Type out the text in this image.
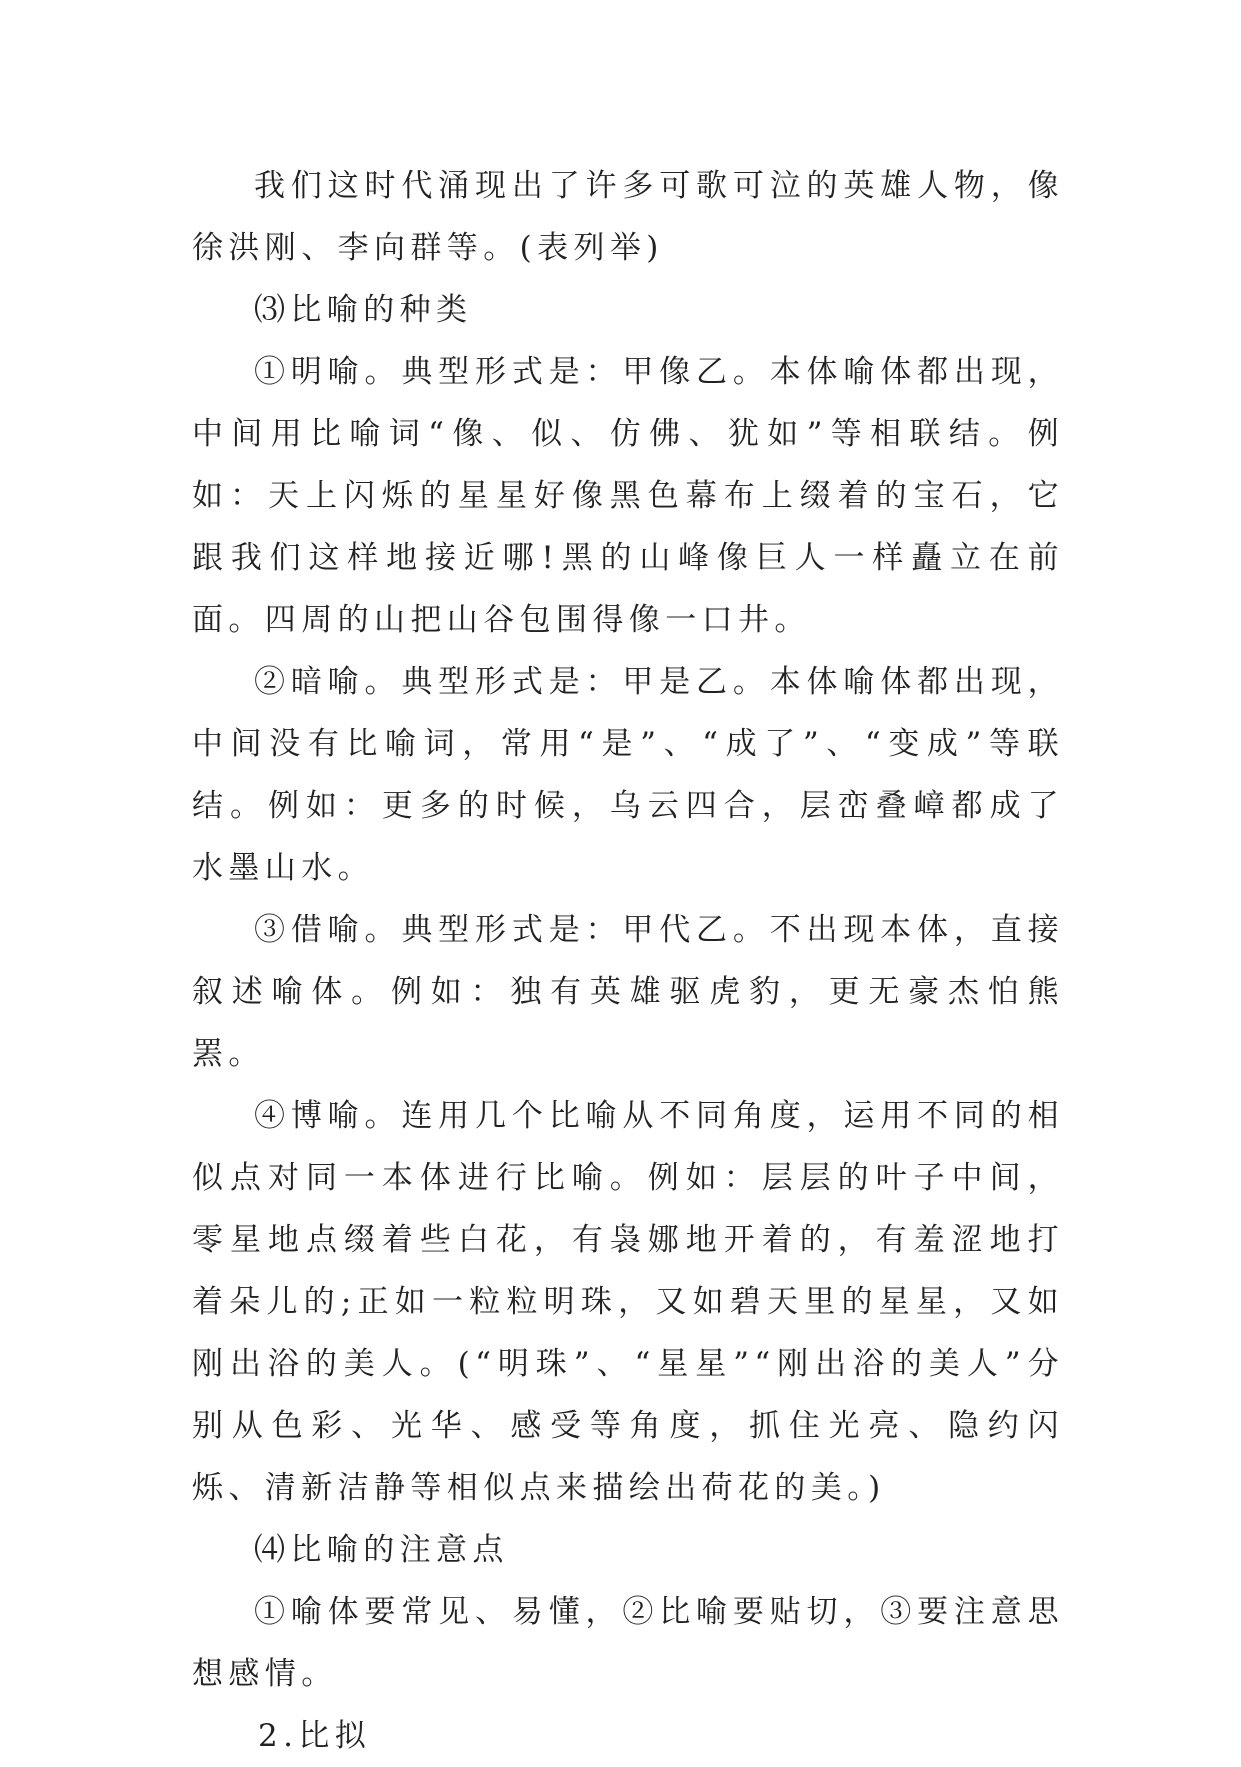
我们这时代涌现出了许多可歌可泣的英雄人物，像徐洪刚、李向群等。(表列举)

⑶比喻的种类

①明喻。典型形式是：甲像乙。本体喻体都出现，中间用比喻词“像、似、仿佛、犹如”等相联结。例如：天上闪烁的星星好像黑色幕布上缀着的宝石，它跟我们这样地接近哪!黑的山峰像巨人一样矗立在前面。四周的山把山谷包围得像一口井。

②暗喻。典型形式是：甲是乙。本体喻体都出现，中间没有比喻词，常用“是”、“成了”、“变成”等联结。例如：更多的时候，乌云四合，层峦叠嶂都成了水墨山水。

③借喻。典型形式是：甲代乙。不出现本体，直接叙述喻体。例如：独有英雄驱虎豹，更无豪杰怕熊罴。

④博喻。连用几个比喻从不同角度，运用不同的相似点对同一本体进行比喻。例如：层层的叶子中间，零星地点缀着些白花，有袅娜地开着的，有羞涩地打着朵儿的;正如一粒粒明珠，又如碧天里的星星，又如刚出浴的美人。(“明珠”、“星星”“刚出浴的美人”分别从色彩、光华、感受等角度，抓住光亮、隐约闪烁、清新洁静等相似点来描绘出荷花的美。)

⑷比喻的注意点

①喻体要常见、易懂，②比喻要贴切，③要注意思想感情。

2.比拟
